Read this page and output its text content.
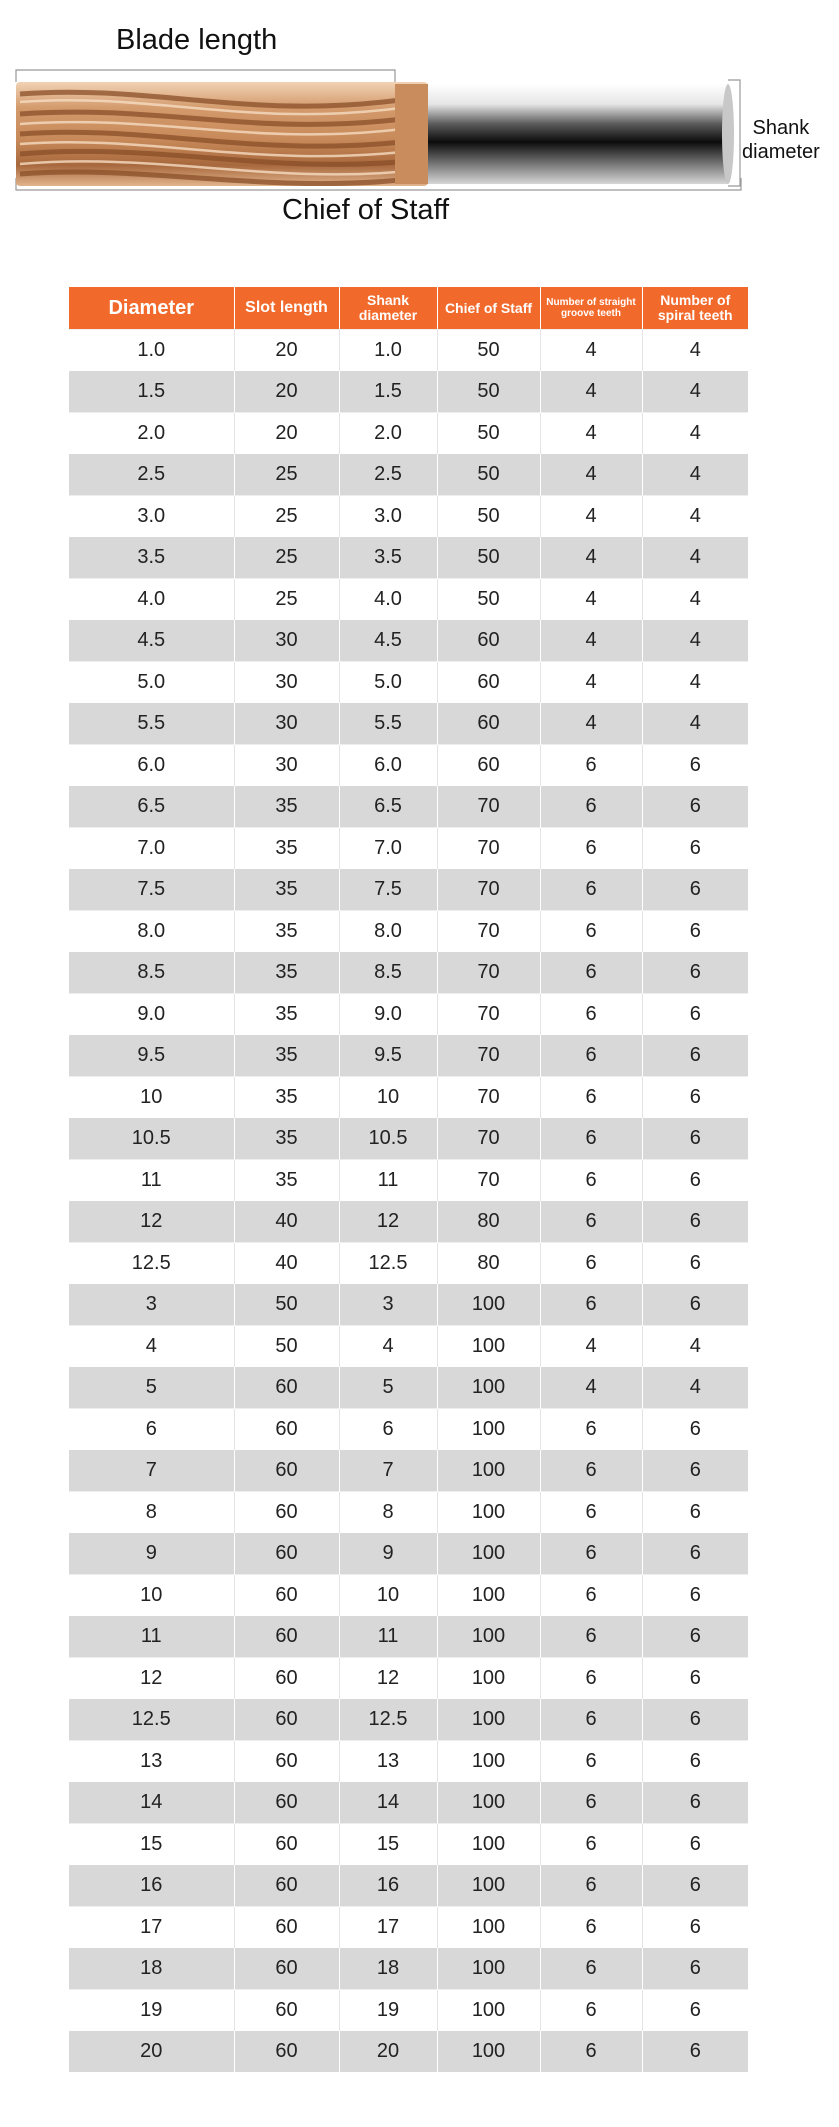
Blade length
Chief of Staff
Shank
diameter
Diameter	Slot length	Shank diameter	Chief of Staff	Number of straight groove teeth	Number of spiral teeth
1.0	20	1.0	50	4	4
1.5	20	1.5	50	4	4
2.0	20	2.0	50	4	4
2.5	25	2.5	50	4	4
3.0	25	3.0	50	4	4
3.5	25	3.5	50	4	4
4.0	25	4.0	50	4	4
4.5	30	4.5	60	4	4
5.0	30	5.0	60	4	4
5.5	30	5.5	60	4	4
6.0	30	6.0	60	6	6
6.5	35	6.5	70	6	6
7.0	35	7.0	70	6	6
7.5	35	7.5	70	6	6
8.0	35	8.0	70	6	6
8.5	35	8.5	70	6	6
9.0	35	9.0	70	6	6
9.5	35	9.5	70	6	6
10	35	10	70	6	6
10.5	35	10.5	70	6	6
11	35	11	70	6	6
12	40	12	80	6	6
12.5	40	12.5	80	6	6
3	50	3	100	6	6
4	50	4	100	4	4
5	60	5	100	4	4
6	60	6	100	6	6
7	60	7	100	6	6
8	60	8	100	6	6
9	60	9	100	6	6
10	60	10	100	6	6
11	60	11	100	6	6
12	60	12	100	6	6
12.5	60	12.5	100	6	6
13	60	13	100	6	6
14	60	14	100	6	6
15	60	15	100	6	6
16	60	16	100	6	6
17	60	17	100	6	6
18	60	18	100	6	6
19	60	19	100	6	6
20	60	20	100	6	6
